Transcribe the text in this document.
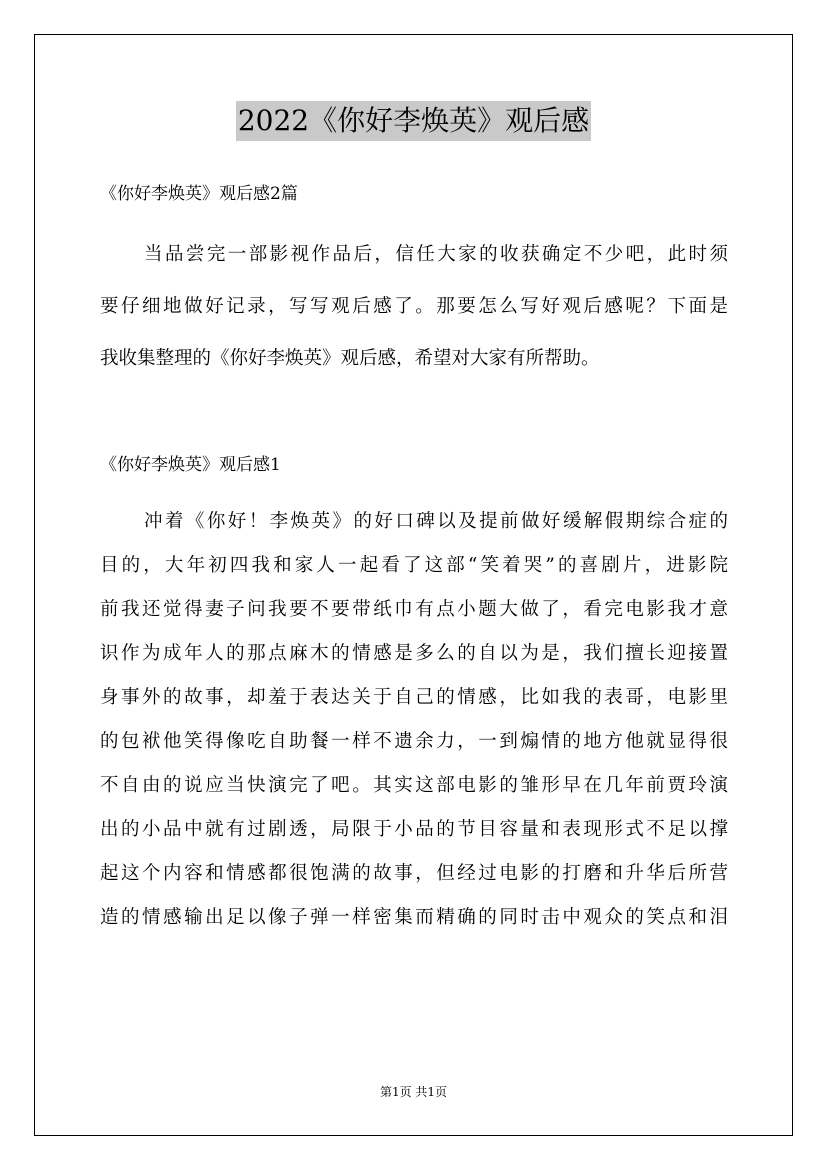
2022《你好李焕英》观后感
《你好李焕英》观后感2篇
当品尝完一部影视作品后，信任大家的收获确定不少吧，此时须
要仔细地做好记录，写写观后感了。那要怎么写好观后感呢？下面是
我收集整理的《你好李焕英》观后感，希望对大家有所帮助。
《你好李焕英》观后感1
冲着《你好！李焕英》的好口碑以及提前做好缓解假期综合症的
目的，大年初四我和家人一起看了这部“笑着哭”的喜剧片，进影院
前我还觉得妻子问我要不要带纸巾有点小题大做了，看完电影我才意
识作为成年人的那点麻木的情感是多么的自以为是，我们擅长迎接置
身事外的故事，却羞于表达关于自己的情感，比如我的表哥，电影里
的包袱他笑得像吃自助餐一样不遗余力，一到煽情的地方他就显得很
不自由的说应当快演完了吧。其实这部电影的雏形早在几年前贾玲演
出的小品中就有过剧透，局限于小品的节目容量和表现形式不足以撑
起这个内容和情感都很饱满的故事，但经过电影的打磨和升华后所营
造的情感输出足以像子弹一样密集而精确的同时击中观众的笑点和泪
第1页 共1页
